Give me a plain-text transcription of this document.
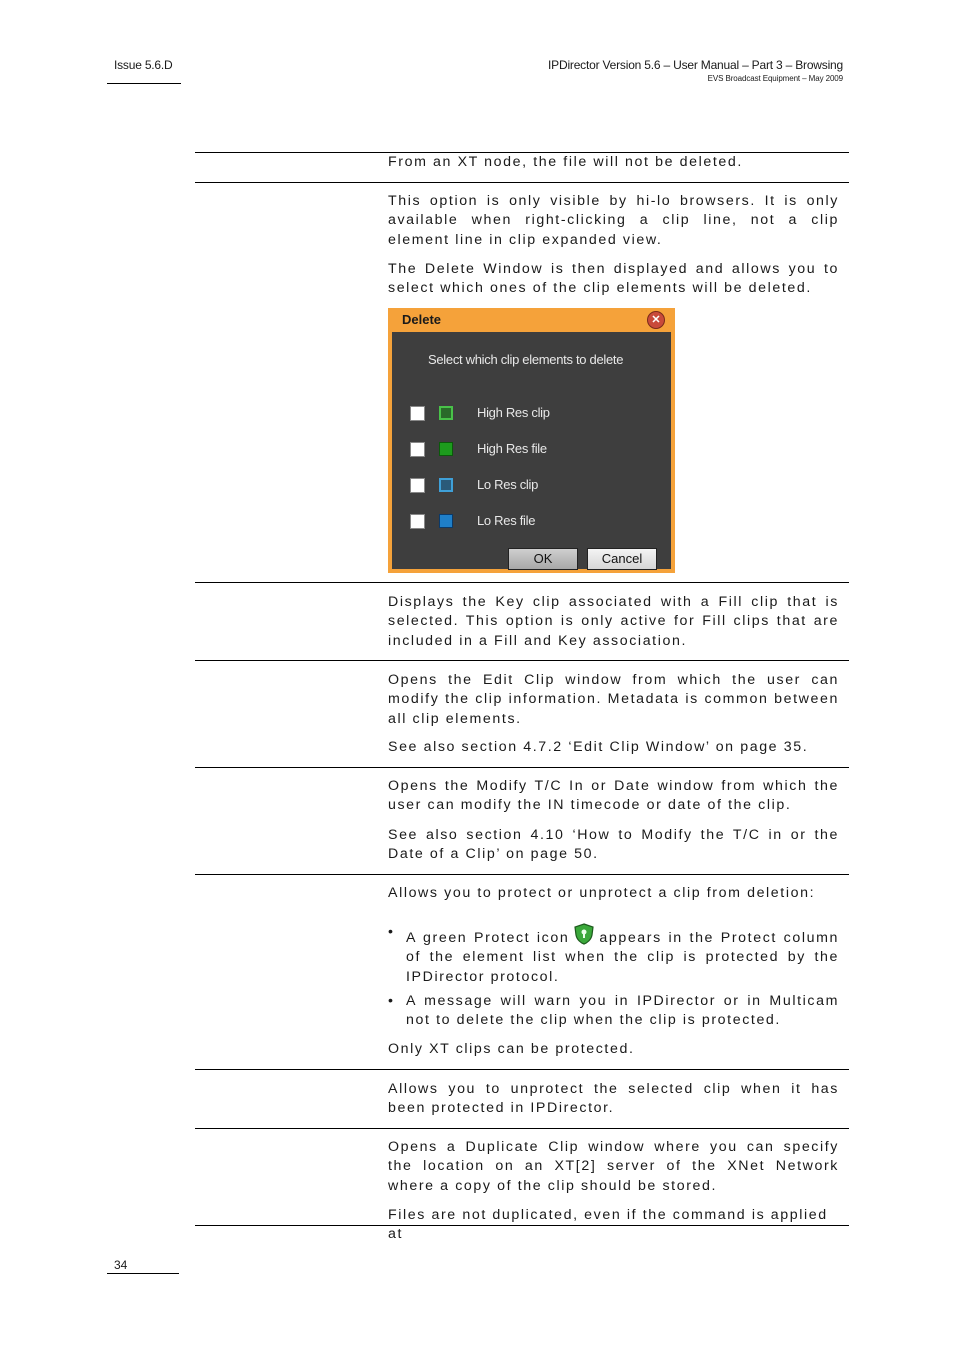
Issue 5.6.D	IPDirector Version 5.6 – User Manual – Part 3 – Browsing
EVS Broadcast Equipment – May 2009

From an XT node, the file will not be deleted.

This option is only visible by hi-lo browsers. It is only available when right-clicking a clip line, not a clip element line in clip expanded view.

The Delete Window is then displayed and allows you to select which ones of the clip elements will be deleted.

Delete	✕
Select which clip elements to delete
High Res clip
High Res file
Lo Res clip
Lo Res file
OK	Cancel

Displays the Key clip associated with a Fill clip that is selected. This option is only active for Fill clips that are included in a Fill and Key association.

Opens the Edit Clip window from which the user can modify the clip information. Metadata is common between all clip elements.

See also section 4.7.2 ‘Edit Clip Window’ on page 35.

Opens the Modify T/C In or Date window from which the user can modify the IN timecode or date of the clip.

See also section 4.10 ‘How to Modify the T/C in or the Date of a Clip’ on page 50.

Allows you to protect or unprotect a clip from deletion:

• A green Protect icon appears in the Protect column of the element list when the clip is protected by the IPDirector protocol.
• A message will warn you in IPDirector or in Multicam not to delete the clip when the clip is protected.

Only XT clips can be protected.

Allows you to unprotect the selected clip when it has been protected in IPDirector.

Opens a Duplicate Clip window where you can specify the location on an XT[2] server of the XNet Network where a copy of the clip should be stored.

Files are not duplicated, even if the command is applied at

34
